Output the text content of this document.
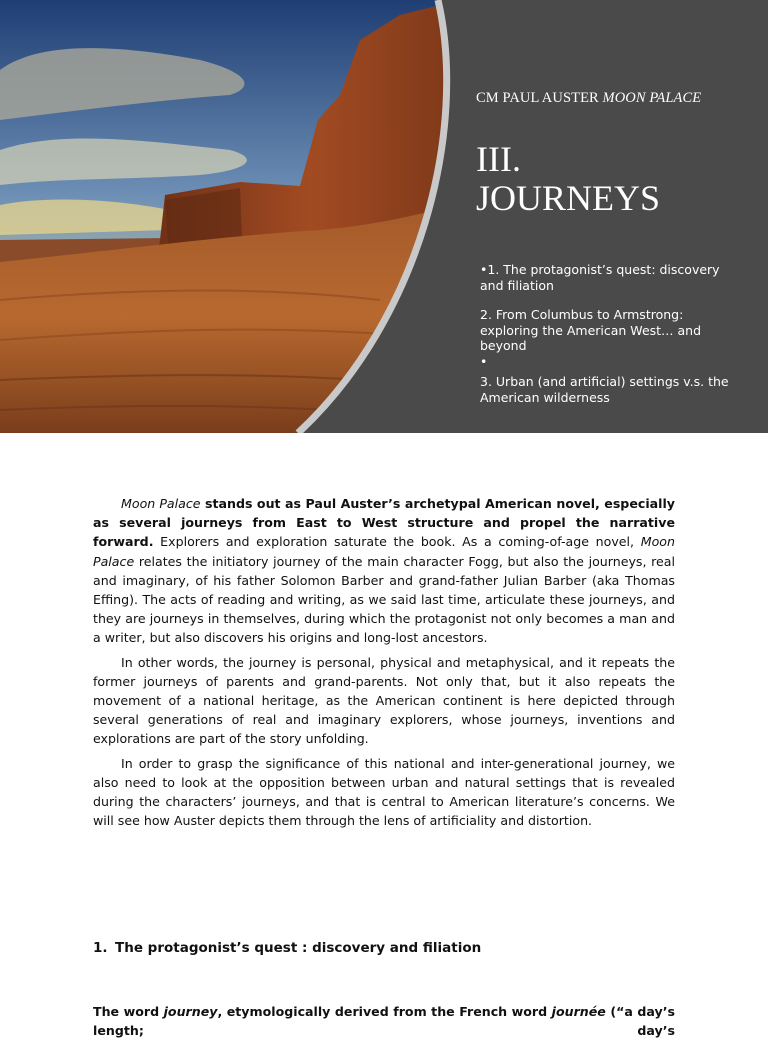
CM PAUL AUSTER MOON PALACE
III.
JOURNEYS
•1. The protagonist’s quest: discovery and filiation
2. From Columbus to Armstrong: exploring the American West… and beyond
•
3. Urban (and artificial) settings v.s. the American wilderness

Moon Palace stands out as Paul Auster’s archetypal American novel, especially as several journeys from East to West structure and propel the narrative forward. Explorers and exploration saturate the book. As a coming-of-age novel, Moon Palace relates the initiatory journey of the main character Fogg, but also the journeys, real and imaginary, of his father Solomon Barber and grand-father Julian Barber (aka Thomas Effing). The acts of reading and writing, as we said last time, articulate these journeys, and they are journeys in themselves, during which the protagonist not only becomes a man and a writer, but also discovers his origins and long-lost ancestors.

In other words, the journey is personal, physical and metaphysical, and it repeats the former journeys of parents and grand-parents. Not only that, but it also repeats the movement of a national heritage, as the American continent is here depicted through several generations of real and imaginary explorers, whose journeys, inventions and explorations are part of the story unfolding.

In order to grasp the significance of this national and inter-generational journey, we also need to look at the opposition between urban and natural settings that is revealed during the characters’ journeys, and that is central to American literature’s concerns. We will see how Auster depicts them through the lens of artificiality and distortion.

1. The protagonist’s quest : discovery and filiation
The word journey, etymologically derived from the French word journée (“a day’s length; day’s
